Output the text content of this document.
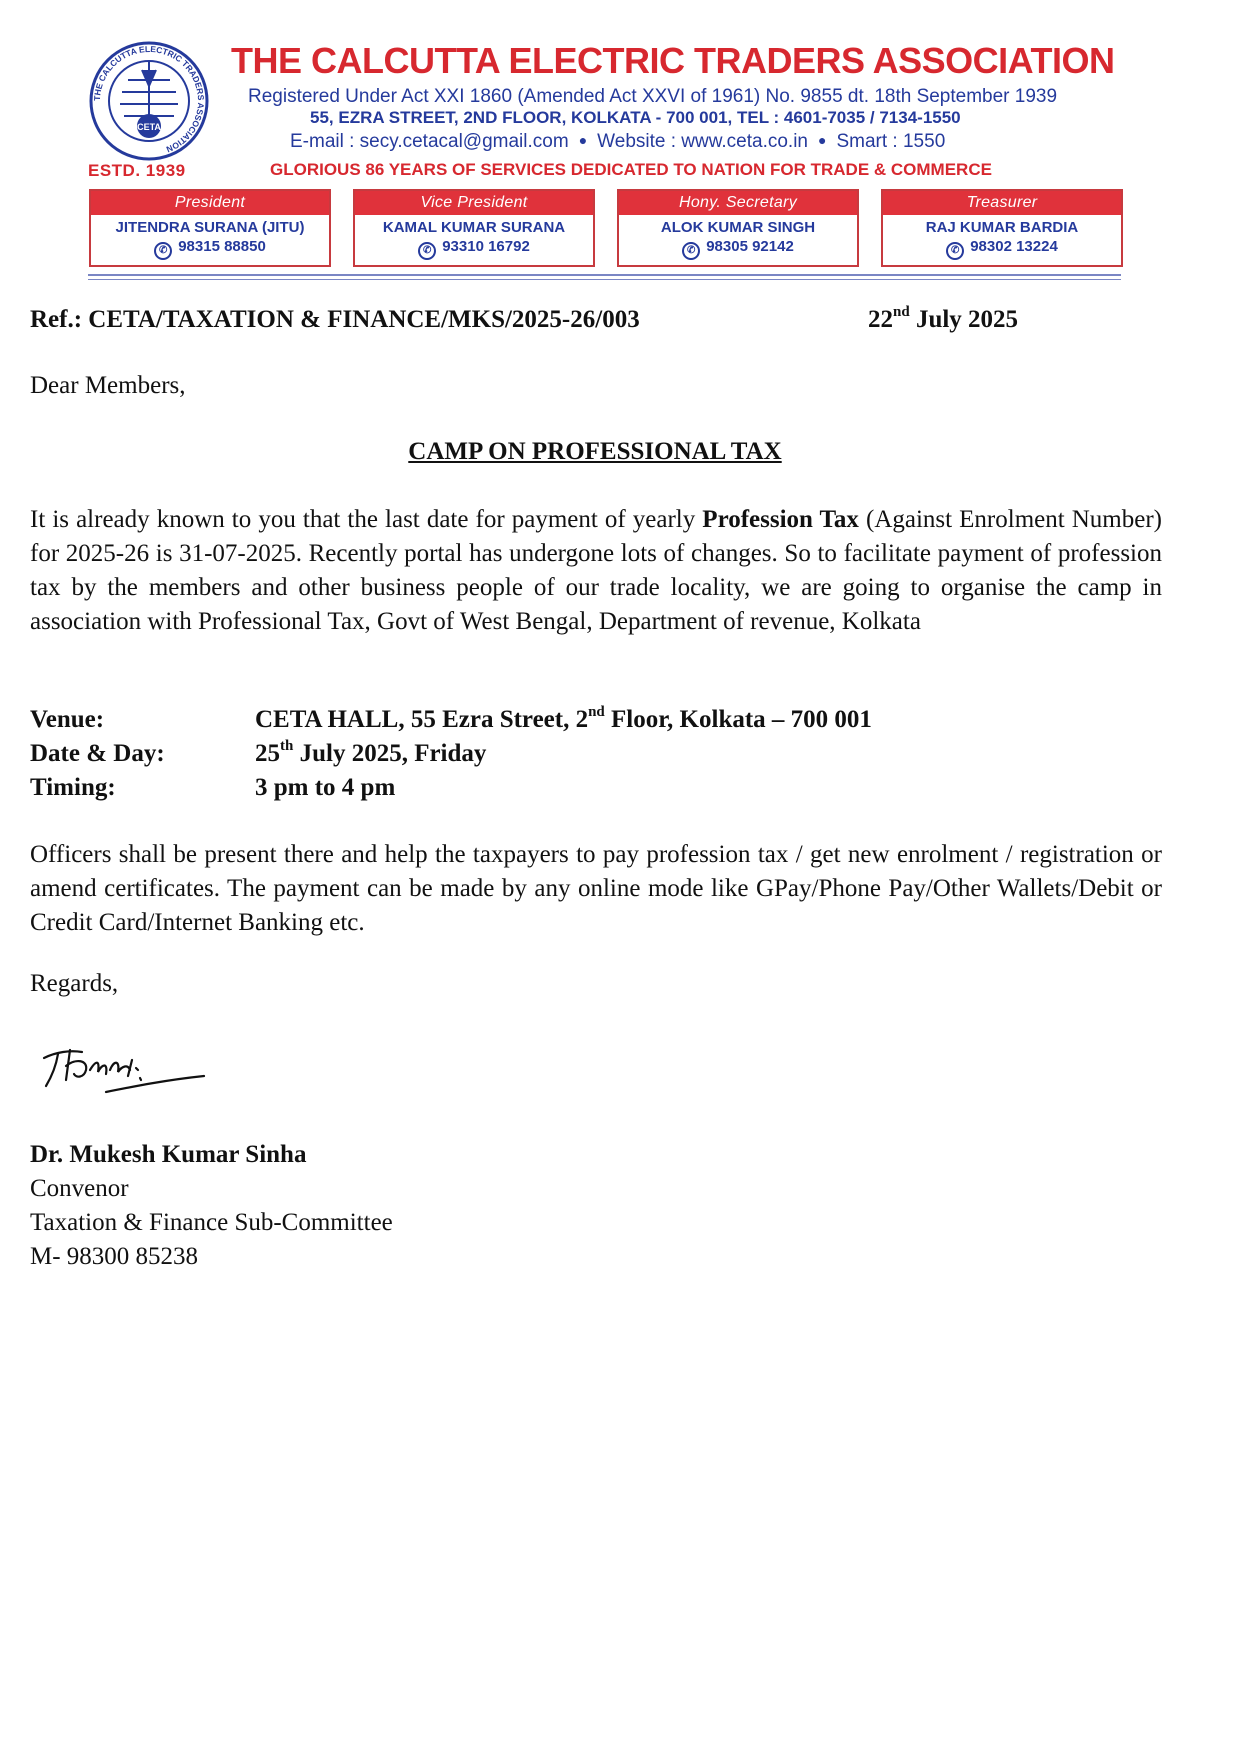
THE CALCUTTA ELECTRIC TRADERS ASSOCIATION
CETA
ESTD. 1939
THE CALCUTTA ELECTRIC TRADERS ASSOCIATION
Registered Under Act XXI 1860 (Amended Act XXVI of 1961) No. 9855 dt. 18th September 1939
55, EZRA STREET, 2ND FLOOR, KOLKATA - 700 001, TEL : 4601-7035 / 7134-1550
E-mail : secy.cetacal@gmail.com ● Website : www.ceta.co.in ● Smart : 1550
GLORIOUS 86 YEARS OF SERVICES DEDICATED TO NATION FOR TRADE & COMMERCE
President
JITENDRA SURANA (JITU)
✆ 98315 88850
Vice President
KAMAL KUMAR SURANA
✆ 93310 16792
Hony. Secretary
ALOK KUMAR SINGH
✆ 98305 92142
Treasurer
RAJ KUMAR BARDIA
✆ 98302 13224
Ref.: CETA/TAXATION & FINANCE/MKS/2025-26/003	22nd July 2025
Dear Members,
CAMP ON PROFESSIONAL TAX
It is already known to you that the last date for payment of yearly Profession Tax (Against Enrolment Number) for 2025-26 is 31-07-2025. Recently portal has undergone lots of changes. So to facilitate payment of profession tax by the members and other business people of our trade locality, we are going to organise the camp in association with Professional Tax, Govt of West Bengal, Department of revenue, Kolkata
Venue:	CETA HALL, 55 Ezra Street, 2nd Floor, Kolkata – 700 001
Date & Day:	25th July 2025, Friday
Timing:	3 pm to 4 pm
Officers shall be present there and help the taxpayers to pay profession tax / get new enrolment / registration or amend certificates. The payment can be made by any online mode like GPay/Phone Pay/Other Wallets/Debit or Credit Card/Internet Banking etc.
Regards,
Dr. Mukesh Kumar Sinha
Convenor
Taxation & Finance Sub-Committee
M- 98300 85238
